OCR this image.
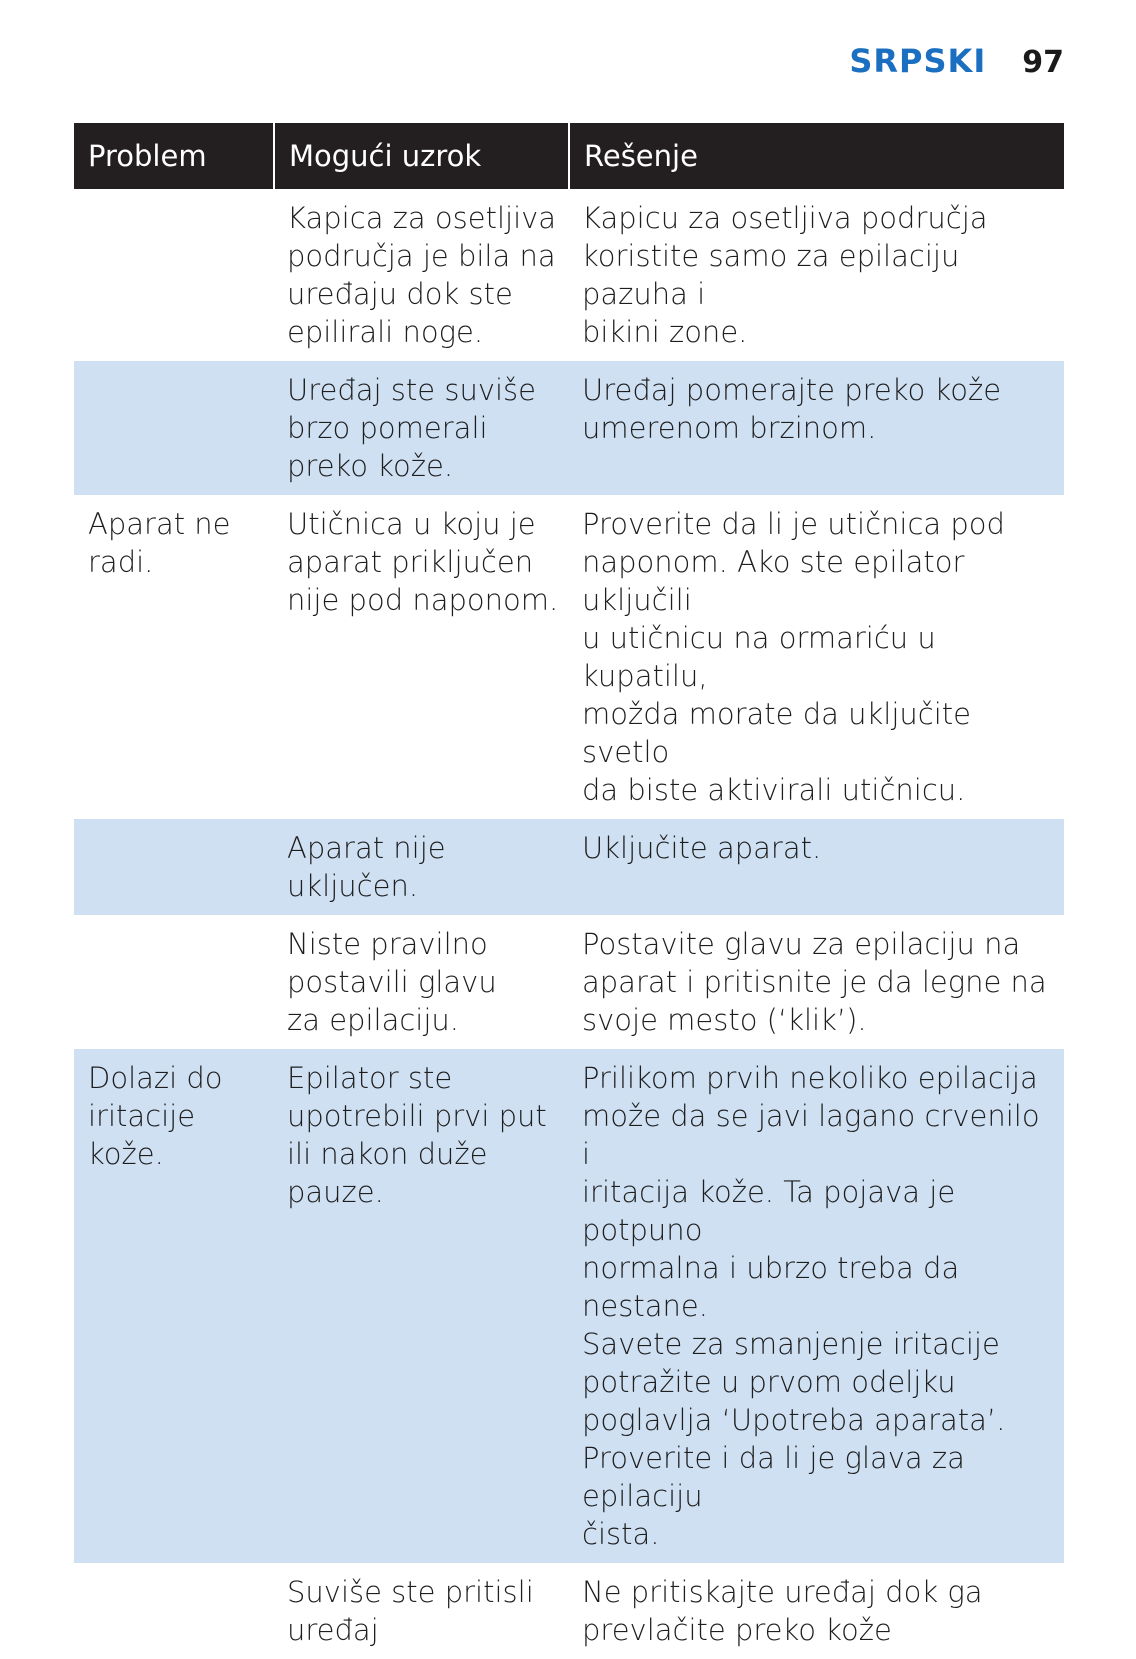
SRPSKI 97
Problem	Mogući uzrok	Rešenje
Kapica za osetljiva
područja je bila na
uređaju dok ste
epilirali noge.
Kapicu za osetljiva područja
koristite samo za epilaciju pazuha i
bikini zone.
Uređaj ste suviše
brzo pomerali
preko kože.
Uređaj pomerajte preko kože
umerenom brzinom.
Aparat ne
radi.
Utičnica u koju je
aparat priključen
nije pod naponom.
Proverite da li je utičnica pod
naponom. Ako ste epilator uključili
u utičnicu na ormariću u kupatilu,
možda morate da uključite svetlo
da biste aktivirali utičnicu.
Aparat nije
uključen.
Uključite aparat.
Niste pravilno
postavili glavu
za epilaciju.
Postavite glavu za epilaciju na
aparat i pritisnite je da legne na
svoje mesto (‘klik’).
Dolazi do
iritacije
kože.
Epilator ste
upotrebili prvi put
ili nakon duže
pauze.
Prilikom prvih nekoliko epilacija
može da se javi lagano crvenilo i
iritacija kože. Ta pojava je potpuno
normalna i ubrzo treba da nestane.
Savete za smanjenje iritacije
potražite u prvom odeljku
poglavlja ‘Upotreba aparata’.
Proverite i da li je glava za epilaciju
čista.
Suviše ste pritisli
uređaj
Ne pritiskajte uređaj dok ga
prevlačite preko kože
